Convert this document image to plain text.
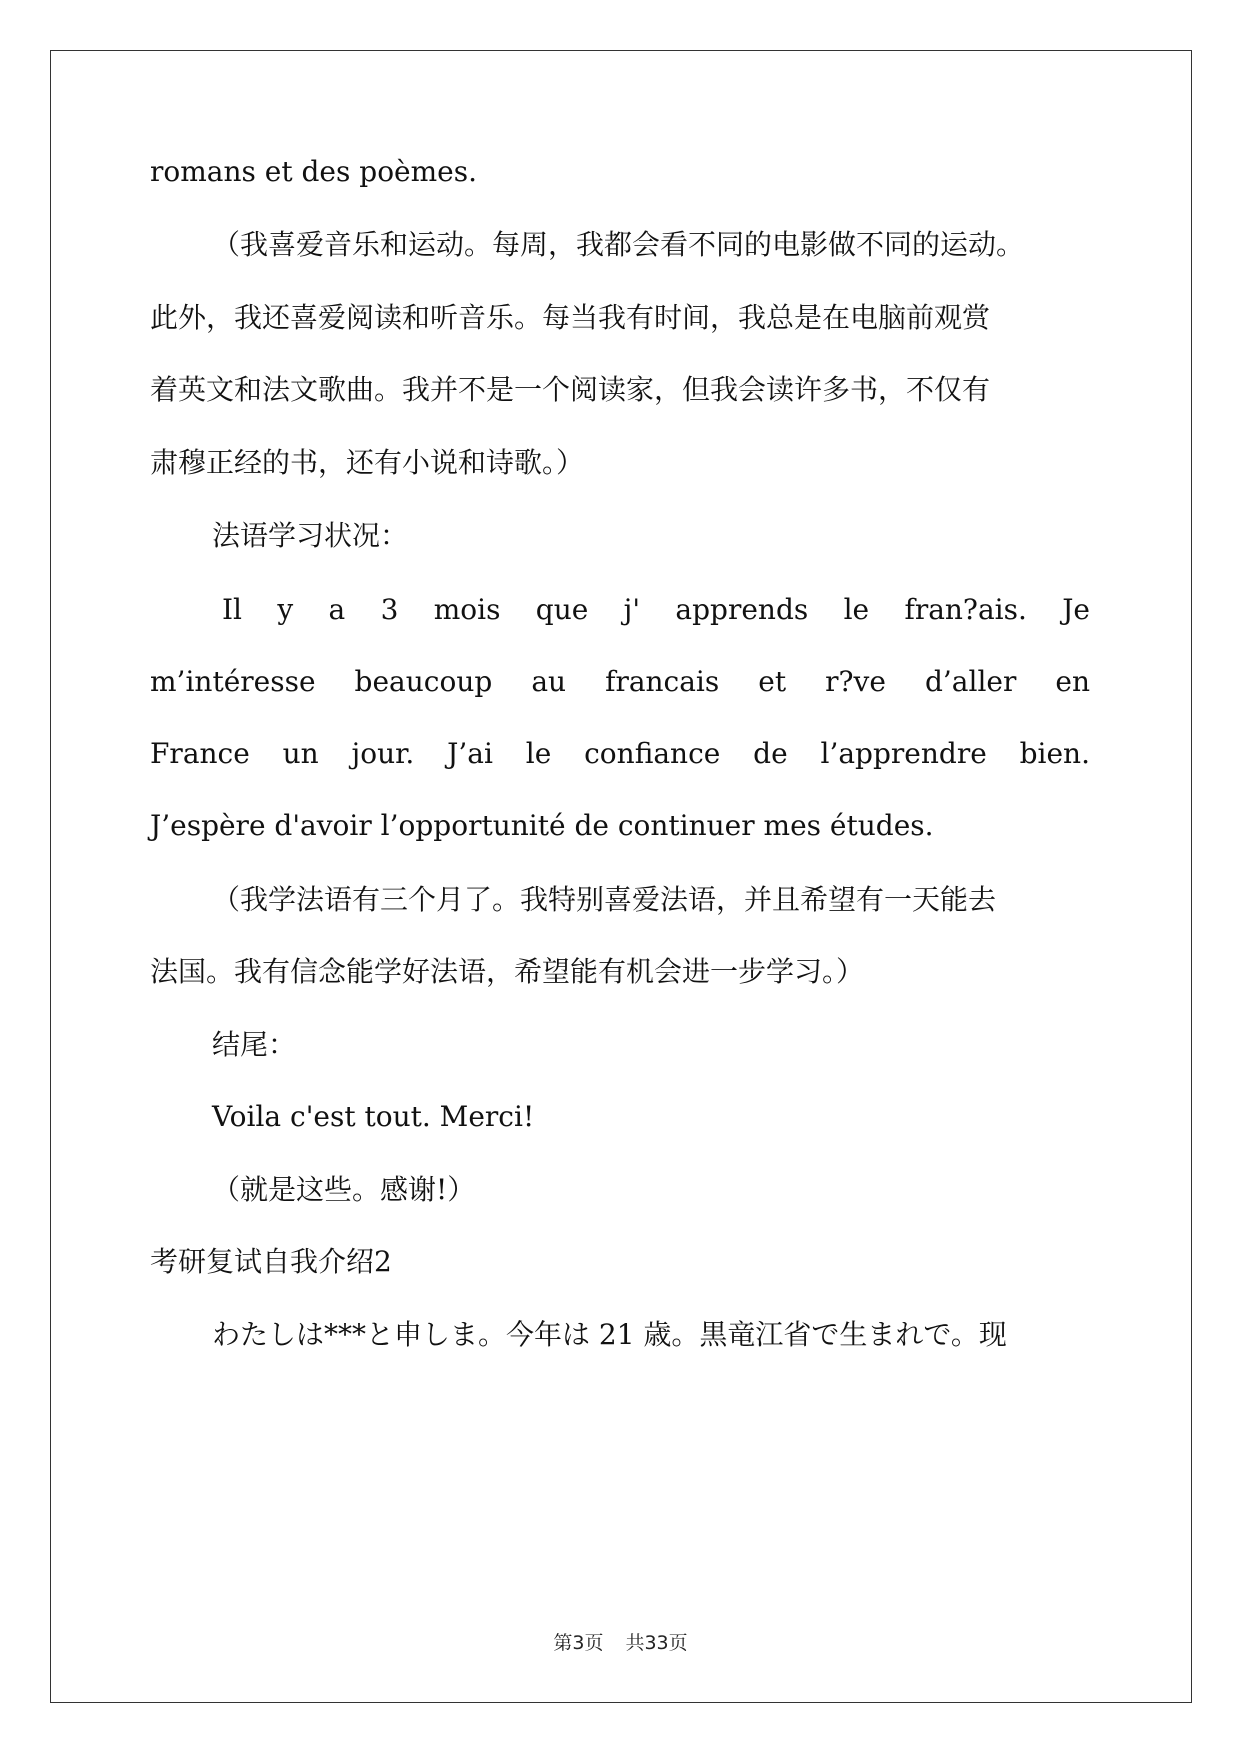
romans et des poèmes.
（我喜爱音乐和运动。每周，我都会看不同的电影做不同的运动。
此外，我还喜爱阅读和听音乐。每当我有时间，我总是在电脑前观赏
着英文和法文歌曲。我并不是一个阅读家，但我会读许多书，不仅有
肃穆正经的书，还有小说和诗歌。）
法语学习状况：
Il y a 3 mois que j' apprends le fran?ais. Je
m’intéresse beaucoup au francais et r?ve d’aller en
France un jour. J’ai le confiance de l’apprendre bien.
J’espère d'avoir l’opportunité de continuer mes études.
（我学法语有三个月了。我特别喜爱法语，并且希望有一天能去
法国。我有信念能学好法语，希望能有机会进一步学习。）
结尾：
Voila c'est tout. Merci!
（就是这些。感谢!）
考研复试自我介绍2
わたしは***と申しま。今年は 21 歳。黒竜江省で生まれで。现
第3页 共33页
